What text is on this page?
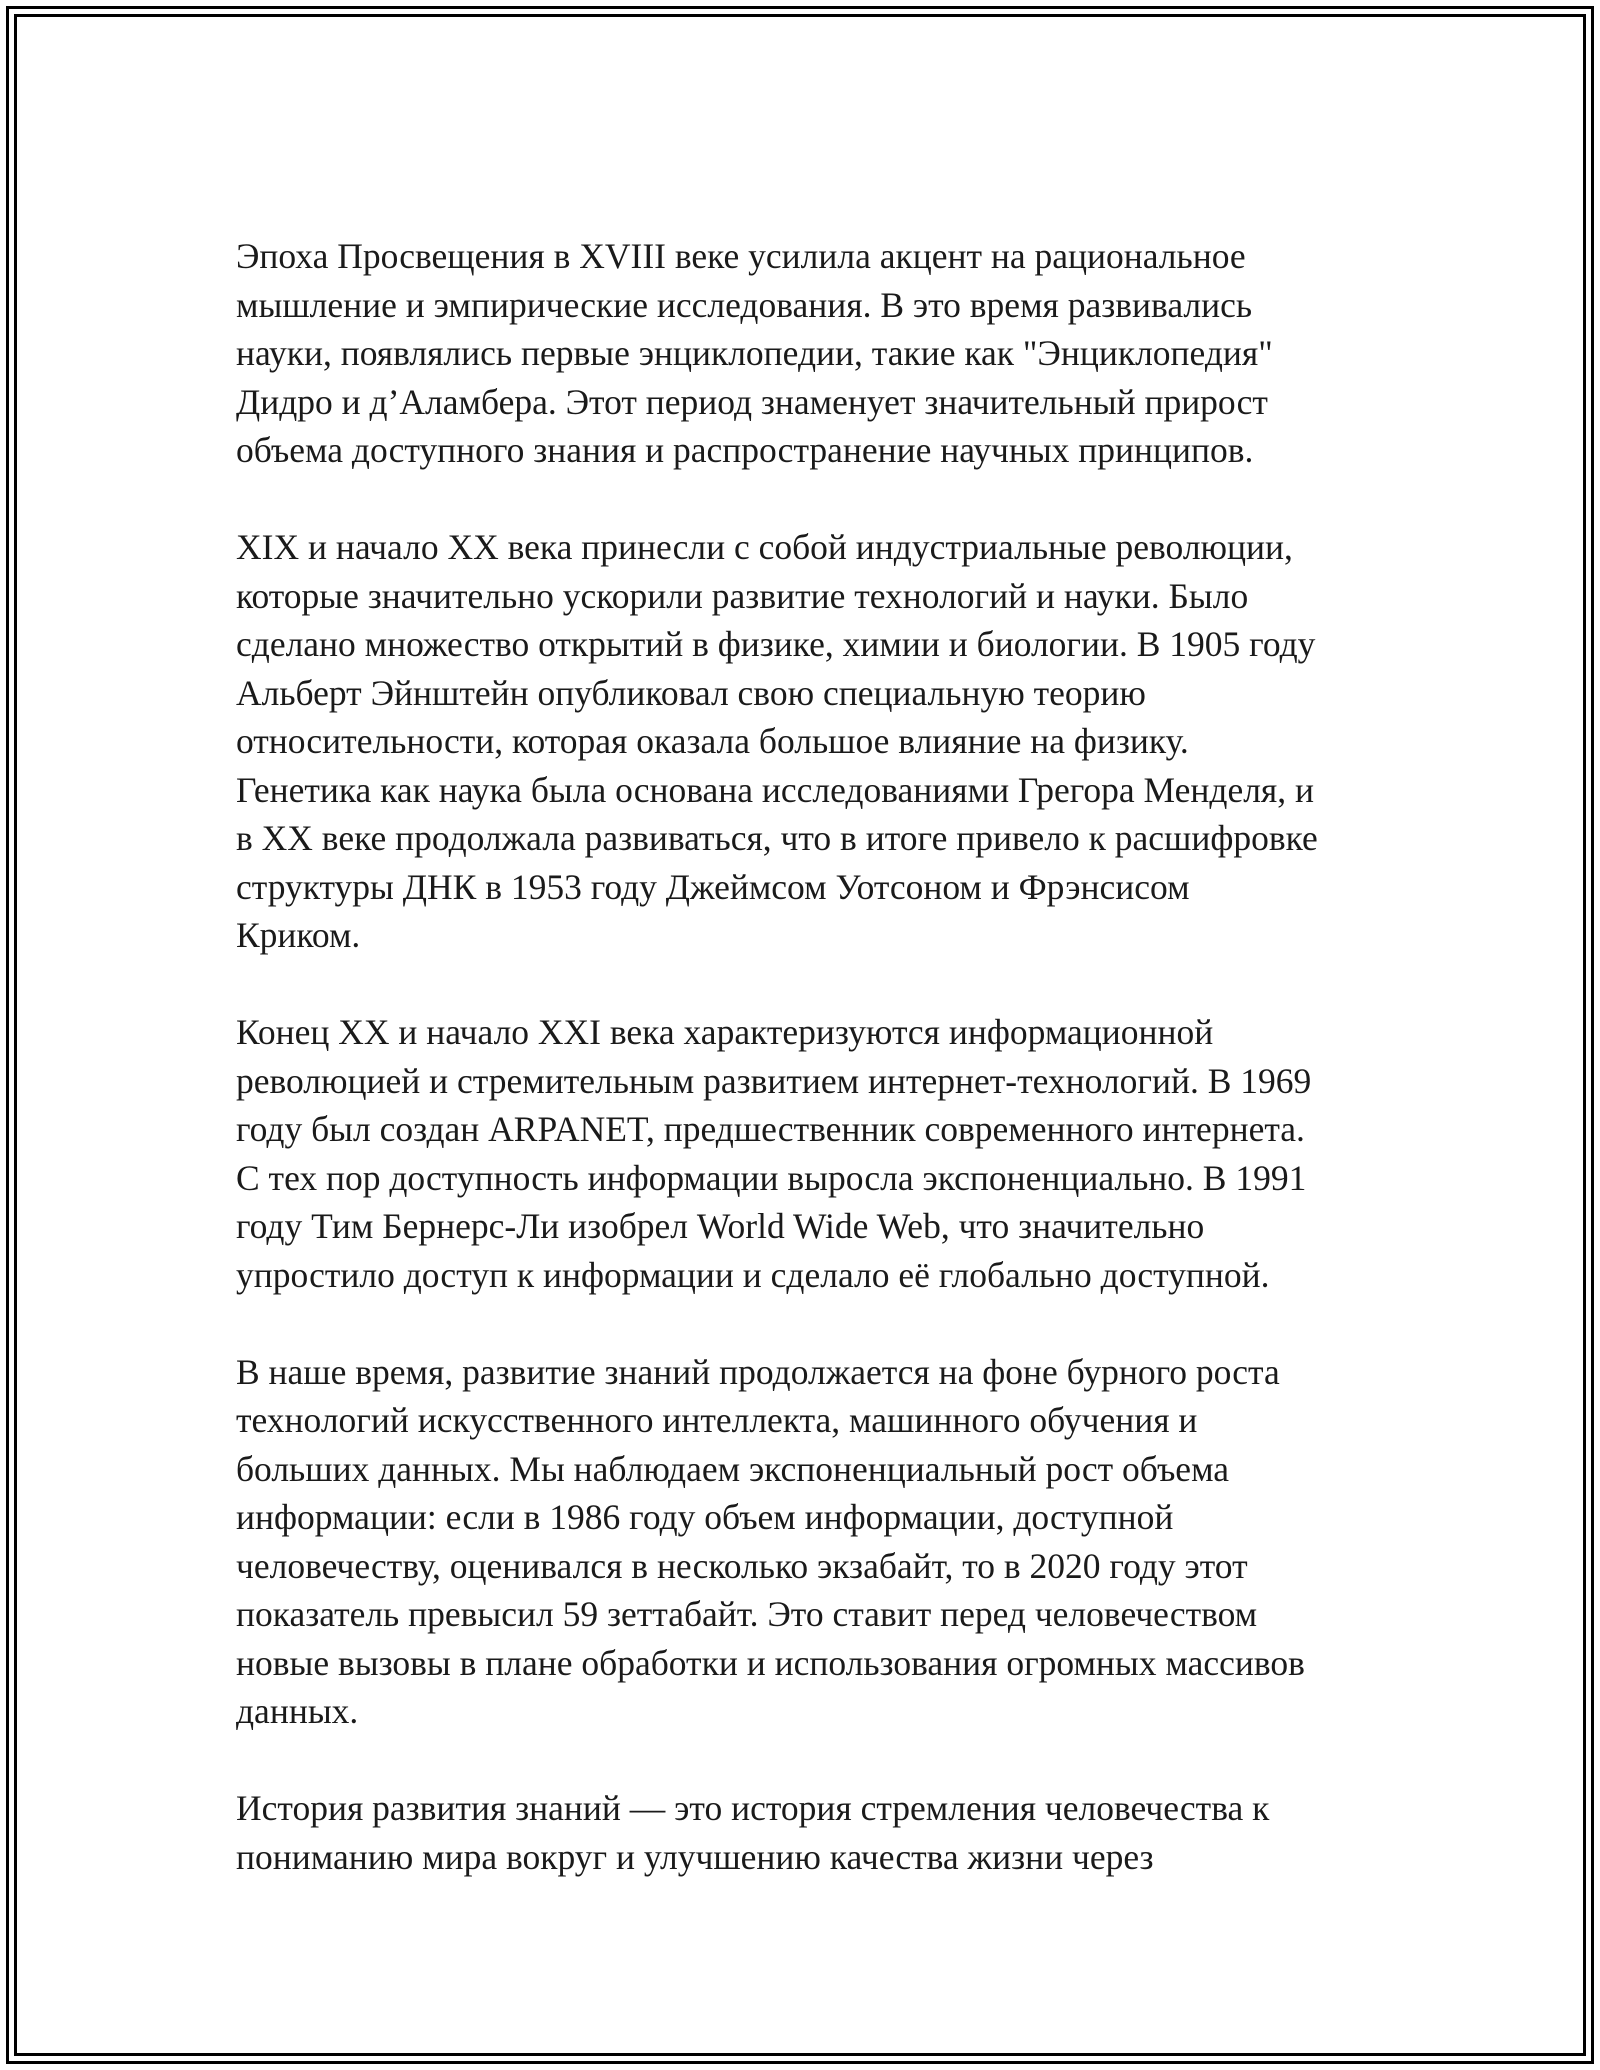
Эпоха Просвещения в XVIII веке усилила акцент на рациональное
мышление и эмпирические исследования. В это время развивались
науки, появлялись первые энциклопедии, такие как "Энциклопедия"
Дидро и д’Аламбера. Этот период знаменует значительный прирост
объема доступного знания и распространение научных принципов.

XIX и начало XX века принесли с собой индустриальные революции,
которые значительно ускорили развитие технологий и науки. Было
сделано множество открытий в физике, химии и биологии. В 1905 году
Альберт Эйнштейн опубликовал свою специальную теорию
относительности, которая оказала большое влияние на физику.
Генетика как наука была основана исследованиями Грегора Менделя, и
в XX веке продолжала развиваться, что в итоге привело к расшифровке
структуры ДНК в 1953 году Джеймсом Уотсоном и Фрэнсисом
Криком.

Конец XX и начало XXI века характеризуются информационной
революцией и стремительным развитием интернет-технологий. В 1969
году был создан ARPANET, предшественник современного интернета.
С тех пор доступность информации выросла экспоненциально. В 1991
году Тим Бернерс-Ли изобрел World Wide Web, что значительно
упростило доступ к информации и сделало её глобально доступной.

В наше время, развитие знаний продолжается на фоне бурного роста
технологий искусственного интеллекта, машинного обучения и
больших данных. Мы наблюдаем экспоненциальный рост объема
информации: если в 1986 году объем информации, доступной
человечеству, оценивался в несколько экзабайт, то в 2020 году этот
показатель превысил 59 зеттабайт. Это ставит перед человечеством
новые вызовы в плане обработки и использования огромных массивов
данных.

История развития знаний — это история стремления человечества к
пониманию мира вокруг и улучшению качества жизни через
